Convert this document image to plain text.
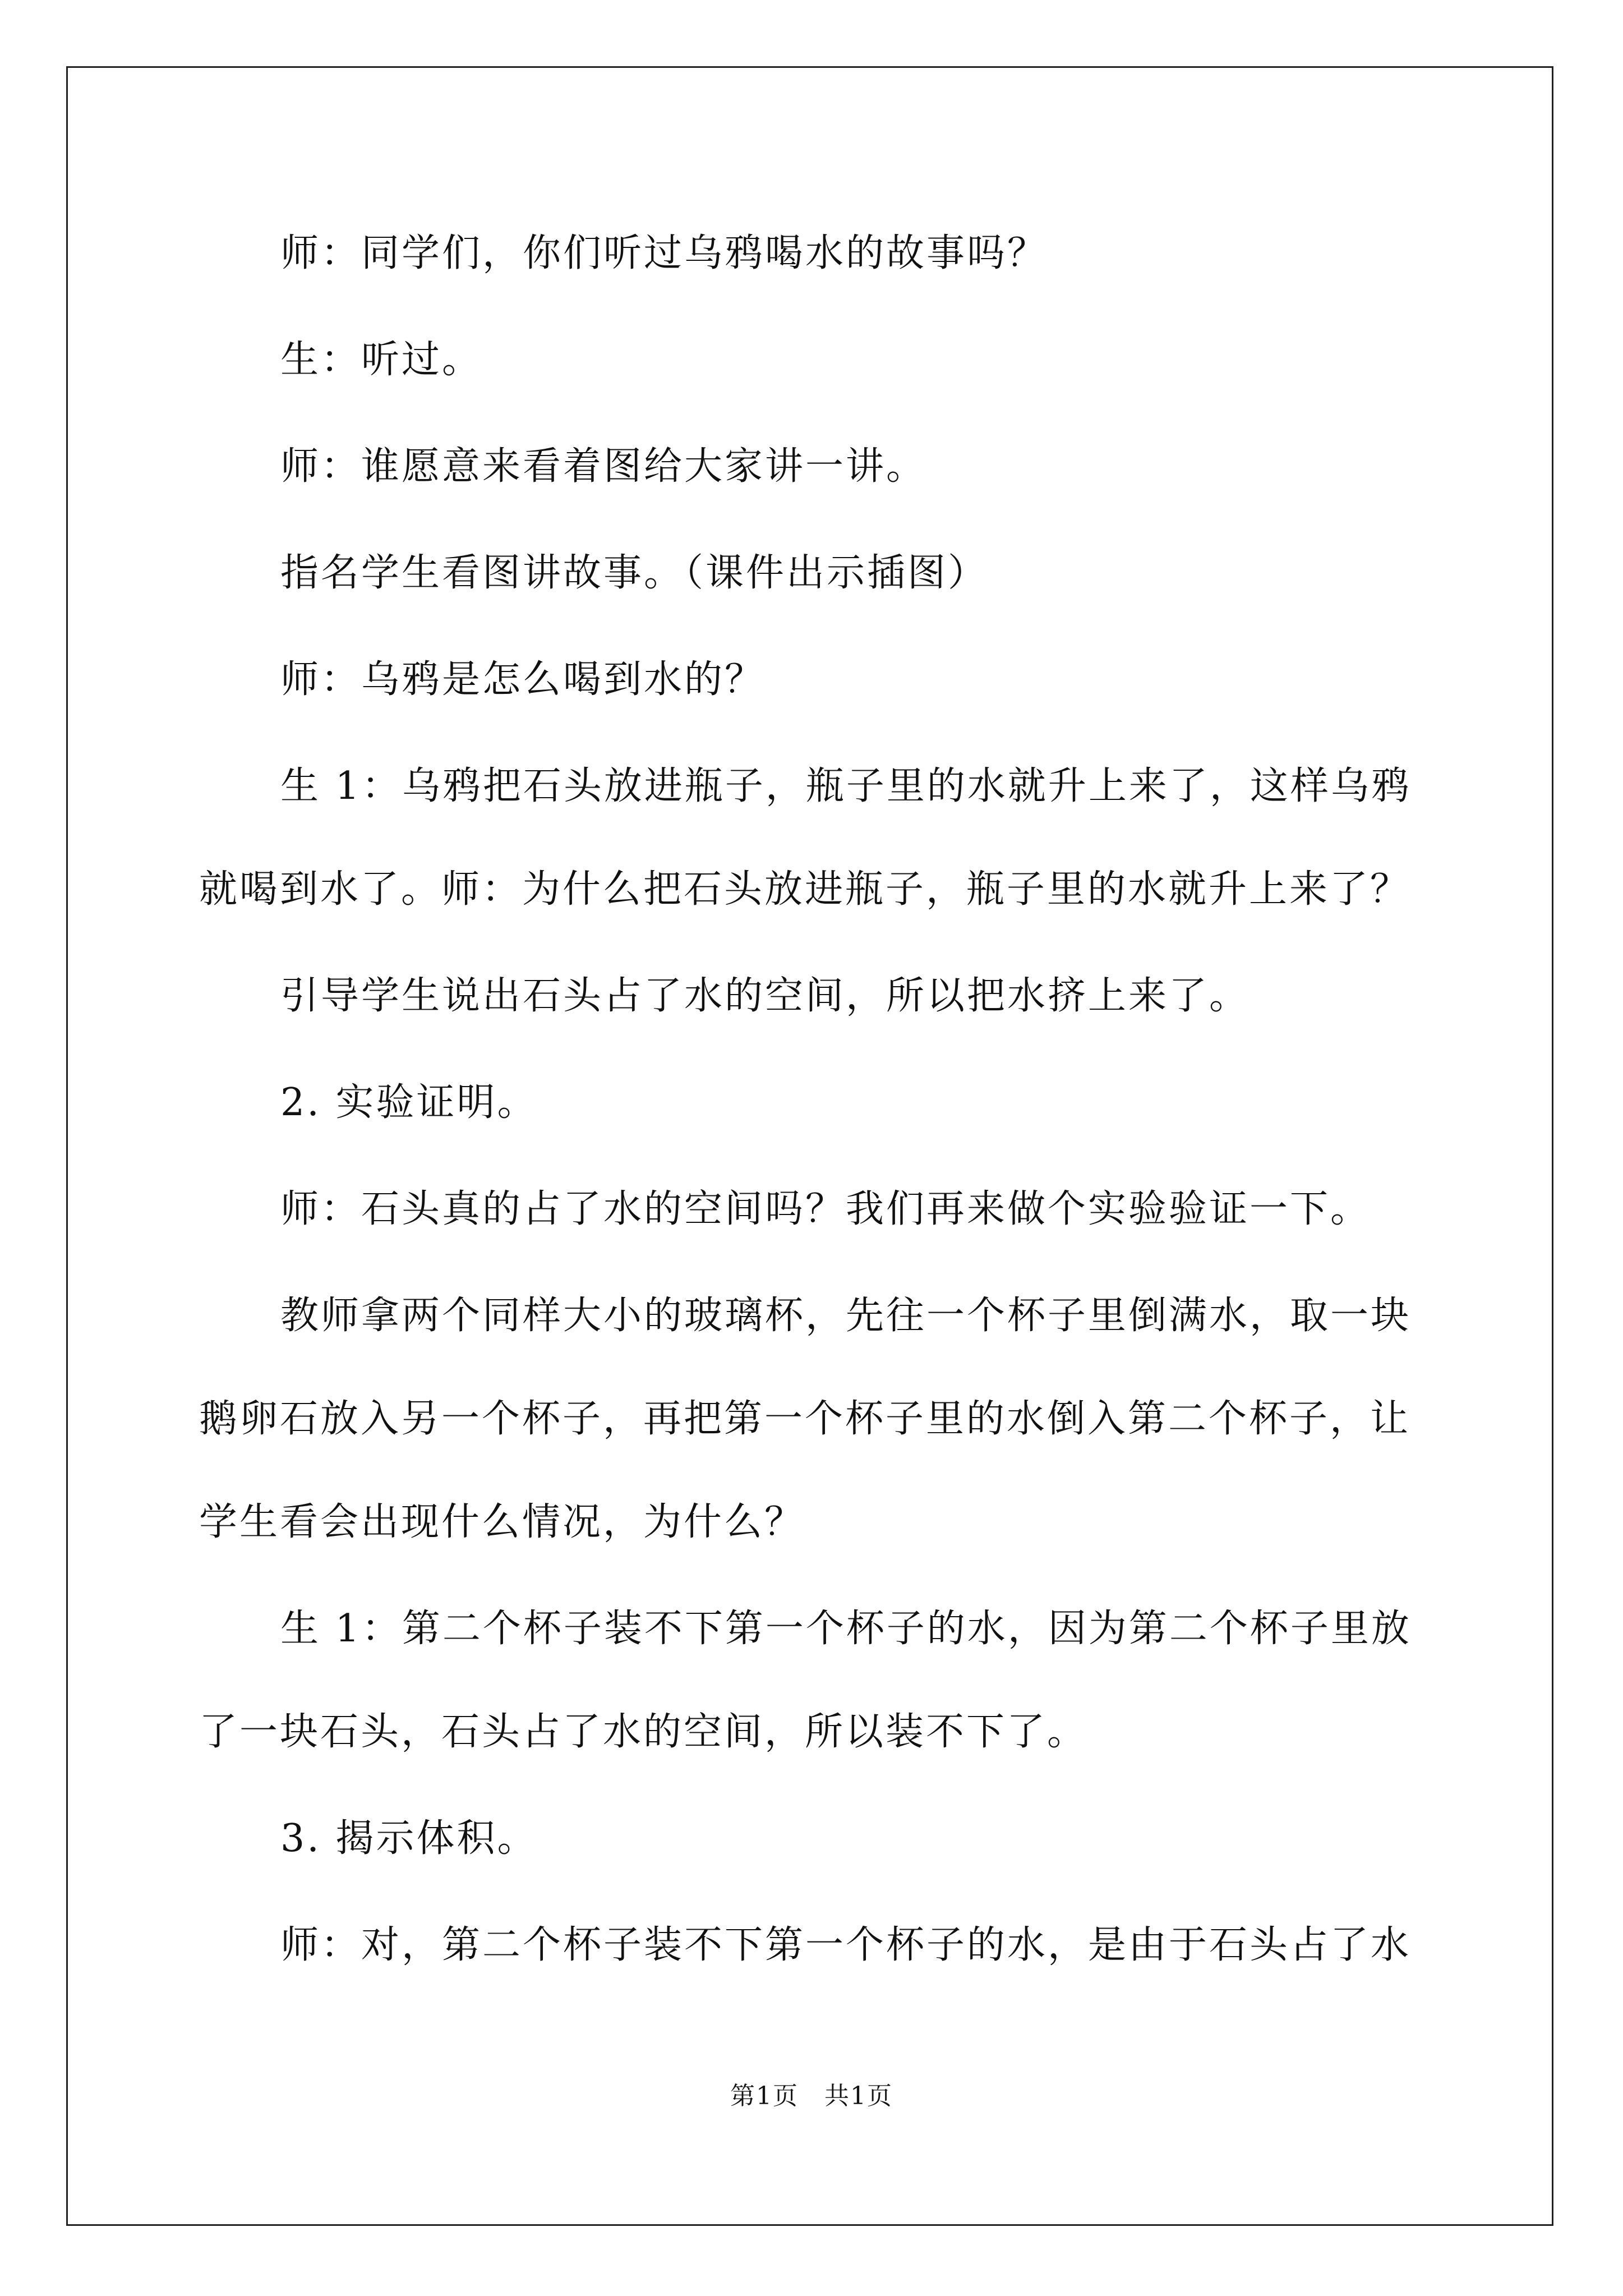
师：同学们，你们听过乌鸦喝水的故事吗？

生：听过。

师：谁愿意来看着图给大家讲一讲。

指名学生看图讲故事。（课件出示插图）

师：乌鸦是怎么喝到水的？

生 1：乌鸦把石头放进瓶子，瓶子里的水就升上来了，这样乌鸦就喝到水了。师：为什么把石头放进瓶子，瓶子里的水就升上来了？

引导学生说出石头占了水的空间，所以把水挤上来了。

2. 实验证明。

师：石头真的占了水的空间吗？我们再来做个实验验证一下。

教师拿两个同样大小的玻璃杯，先往一个杯子里倒满水，取一块鹅卵石放入另一个杯子，再把第一个杯子里的水倒入第二个杯子，让学生看会出现什么情况，为什么？

生 1：第二个杯子装不下第一个杯子的水，因为第二个杯子里放了一块石头，石头占了水的空间，所以装不下了。

3. 揭示体积。

师：对，第二个杯子装不下第一个杯子的水，是由于石头占了水

第1页　共1页
